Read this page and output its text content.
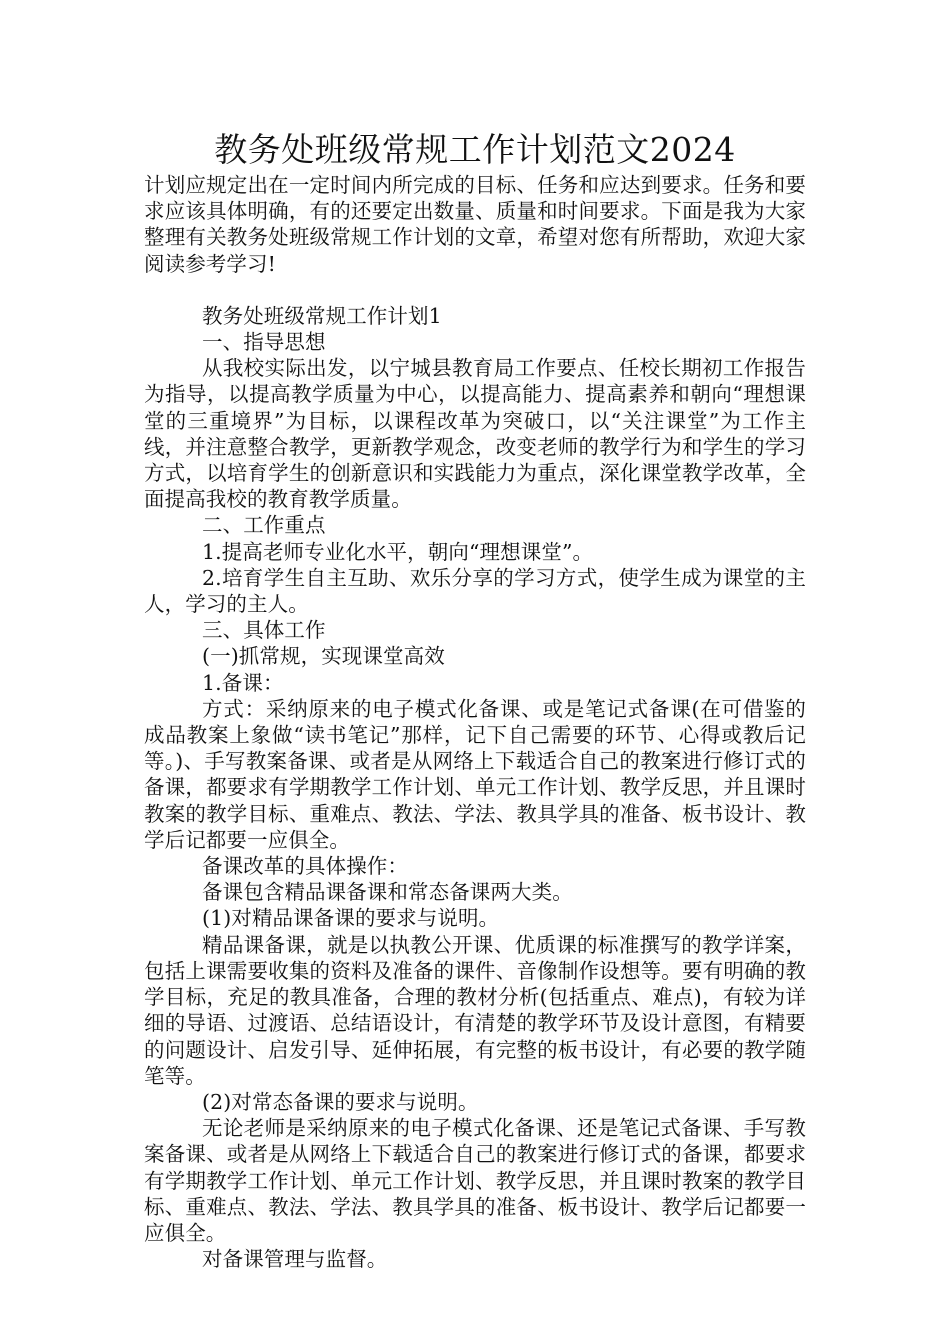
教务处班级常规工作计划范文2024

计划应规定出在一定时间内所完成的目标、任务和应达到要求。任务和要求应该具体明确，有的还要定出数量、质量和时间要求。下面是我为大家整理有关教务处班级常规工作计划的文章，希望对您有所帮助，欢迎大家阅读参考学习!

教务处班级常规工作计划1

一、指导思想

从我校实际出发，以宁城县教育局工作要点、任校长期初工作报告为指导，以提高教学质量为中心，以提高能力、提高素养和朝向“理想课堂的三重境界”为目标，以课程改革为突破口，以“关注课堂”为工作主线，并注意整合教学，更新教学观念，改变老师的教学行为和学生的学习方式，以培育学生的创新意识和实践能力为重点，深化课堂教学改革，全面提高我校的教育教学质量。

二、工作重点

1.提高老师专业化水平，朝向“理想课堂”。

2.培育学生自主互助、欢乐分享的学习方式，使学生成为课堂的主人，学习的主人。

三、具体工作

(一)抓常规，实现课堂高效

1.备课：

方式：采纳原来的电子模式化备课、或是笔记式备课(在可借鉴的成品教案上象做“读书笔记”那样，记下自己需要的环节、心得或教后记等。)、手写教案备课、或者是从网络上下载适合自己的教案进行修订式的备课，都要求有学期教学工作计划、单元工作计划、教学反思，并且课时教案的教学目标、重难点、教法、学法、教具学具的准备、板书设计、教学后记都要一应俱全。

备课改革的具体操作：

备课包含精品课备课和常态备课两大类。

(1)对精品课备课的要求与说明。

精品课备课，就是以执教公开课、优质课的标准撰写的教学详案，包括上课需要收集的资料及准备的课件、音像制作设想等。要有明确的教学目标，充足的教具准备，合理的教材分析(包括重点、难点)，有较为详细的导语、过渡语、总结语设计，有清楚的教学环节及设计意图，有精要的问题设计、启发引导、延伸拓展，有完整的板书设计，有必要的教学随笔等。

(2)对常态备课的要求与说明。

无论老师是采纳原来的电子模式化备课、还是笔记式备课、手写教案备课、或者是从网络上下载适合自己的教案进行修订式的备课，都要求有学期教学工作计划、单元工作计划、教学反思，并且课时教案的教学目标、重难点、教法、学法、教具学具的准备、板书设计、教学后记都要一应俱全。

对备课管理与监督。
